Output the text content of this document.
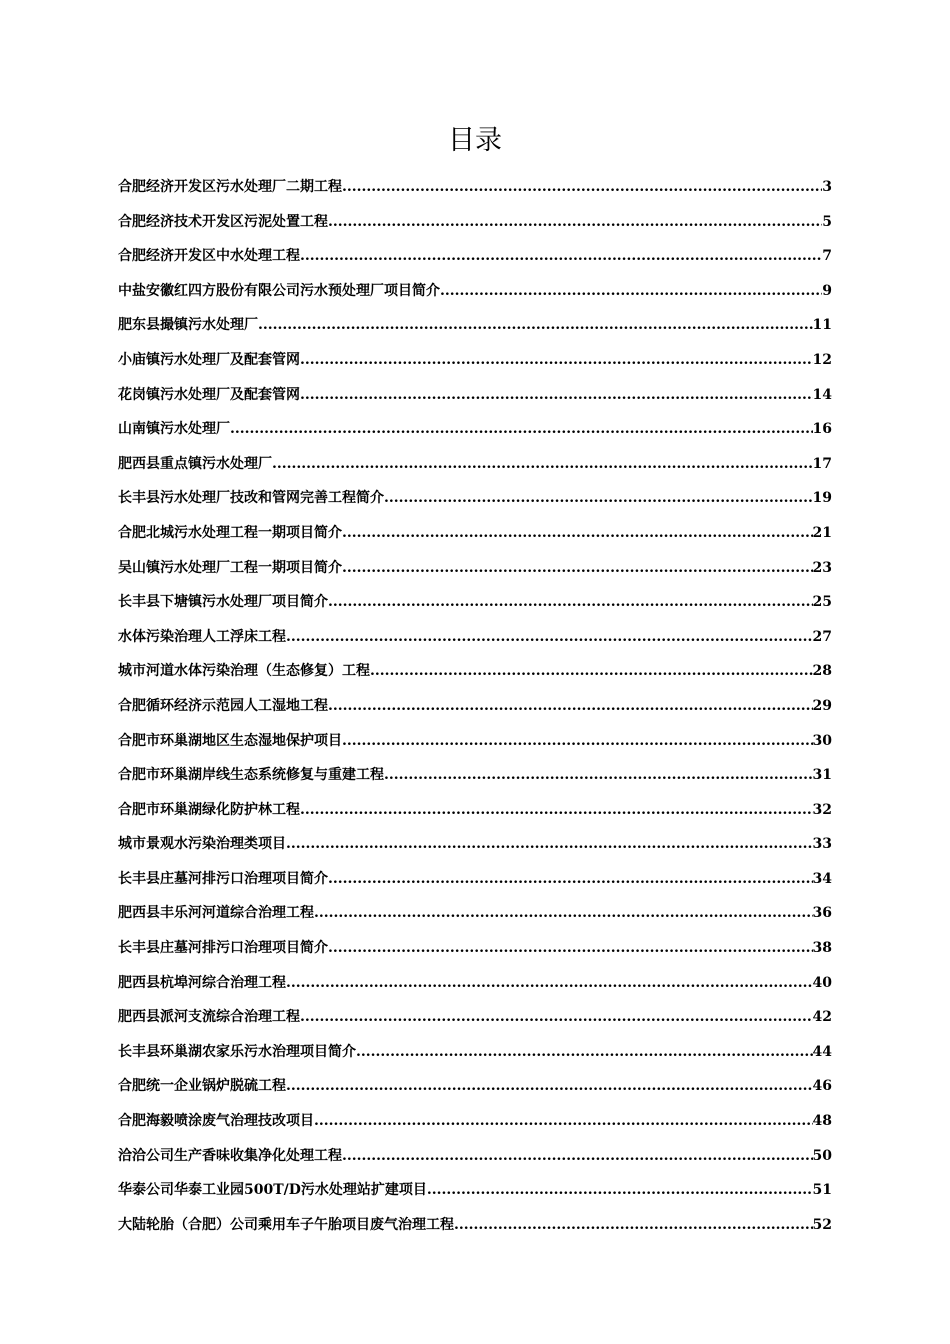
目录
合肥经济开发区污水处理厂二期工程 .....	3
合肥经济技术开发区污泥处置工程 .....	5
合肥经济开发区中水处理工程 .....	7
中盐安徽红四方股份有限公司污水预处理厂项目简介 .....	9
肥东县撮镇污水处理厂 .....	11
小庙镇污水处理厂及配套管网 .....	12
花岗镇污水处理厂及配套管网 .....	14
山南镇污水处理厂 .....	16
肥西县重点镇污水处理厂 .....	17
长丰县污水处理厂技改和管网完善工程简介 .....	19
合肥北城污水处理工程一期项目简介 .....	21
吴山镇污水处理厂工程一期项目简介 .....	23
长丰县下塘镇污水处理厂项目简介 .....	25
水体污染治理人工浮床工程 .....	27
城市河道水体污染治理（生态修复）工程 .....	28
合肥循环经济示范园人工湿地工程 .....	29
合肥市环巢湖地区生态湿地保护项目 .....	30
合肥市环巢湖岸线生态系统修复与重建工程 .....	31
合肥市环巢湖绿化防护林工程 .....	32
城市景观水污染治理类项目 .....	33
长丰县庄墓河排污口治理项目简介 .....	34
肥西县丰乐河河道综合治理工程 .....	36
长丰县庄墓河排污口治理项目简介 .....	38
肥西县杭埠河综合治理工程 .....	40
肥西县派河支流综合治理工程 .....	42
长丰县环巢湖农家乐污水治理项目简介 .....	44
合肥统一企业锅炉脱硫工程 .....	46
合肥海毅喷涂废气治理技改项目 .....	48
洽洽公司生产香味收集净化处理工程 .....	50
华泰公司华泰工业园500T/D污水处理站扩建项目 .....	51
大陆轮胎（合肥）公司乘用车子午胎项目废气治理工程 .....	52
